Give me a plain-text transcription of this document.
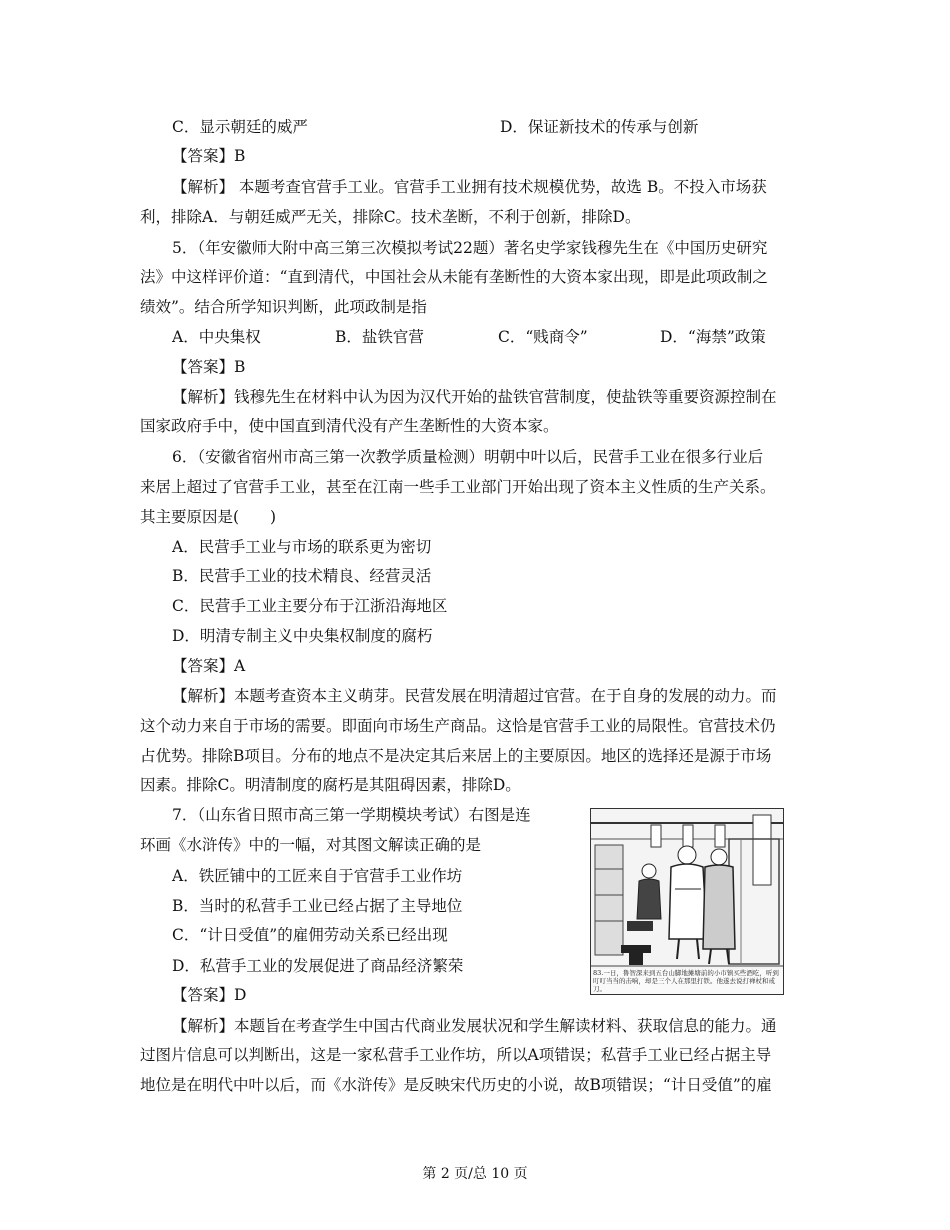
C．显示朝廷的威严	D．保证新技术的传承与创新
【答案】B
【解析】 本题考查官营手工业。官营手工业拥有技术规模优势，故选 B。不投入市场获
利，排除A．与朝廷威严无关，排除C。技术垄断，不利于创新，排除D。
5．（年安徽师大附中高三第三次模拟考试22题）著名史学家钱穆先生在《中国历史研究
法》中这样评价道：“直到清代，中国社会从未能有垄断性的大资本家出现，即是此项政制之
绩效”。结合所学知识判断，此项政制是指
A．中央集权	B．盐铁官营	C．“贱商令”	D．“海禁”政策
【答案】B
【解析】钱穆先生在材料中认为因为汉代开始的盐铁官营制度，使盐铁等重要资源控制在
国家政府手中，使中国直到清代没有产生垄断性的大资本家。
6．（安徽省宿州市高三第一次教学质量检测）明朝中叶以后，民营手工业在很多行业后
来居上超过了官营手工业，甚至在江南一些手工业部门开始出现了资本主义性质的生产关系。
其主要原因是(　　)
A．民营手工业与市场的联系更为密切
B．民营手工业的技术精良、经营灵活
C．民营手工业主要分布于江浙沿海地区
D．明清专制主义中央集权制度的腐朽
【答案】A
【解析】本题考查资本主义萌芽。民营发展在明清超过官营。在于自身的发展的动力。而
这个动力来自于市场的需要。即面向市场生产商品。这恰是官营手工业的局限性。官营技术仍
占优势。排除B项目。分布的地点不是决定其后来居上的主要原因。地区的选择还是源于市场
因素。排除C。明清制度的腐朽是其阻碍因素，排除D。
7．（山东省日照市高三第一学期模块考试）右图是连
环画《水浒传》中的一幅，对其图文解读正确的是
A．铁匠铺中的工匠来自于官营手工业作坊
B．当时的私营手工业已经占据了主导地位
C．“计日受值”的雇佣劳动关系已经出现
D．私营手工业的发展促进了商品经济繁荣
【答案】D
【解析】本题旨在考查学生中国古代商业发展状况和学生解读材料、获取信息的能力。通
过图片信息可以判断出，这是一家私营手工业作坊，所以A项错误；私营手工业已经占据主导
地位是在明代中叶以后，而《水浒传》是反映宋代历史的小说，故B项错误；“计日受值”的雇
83.一日，鲁智深来到五台山脚地摊塘前的小市镇买些酒吃，听到叮叮当当的击响，却是三个人在那里打铁。他遂去说打禅杖和戒刀。
第 2 页/总 10 页
